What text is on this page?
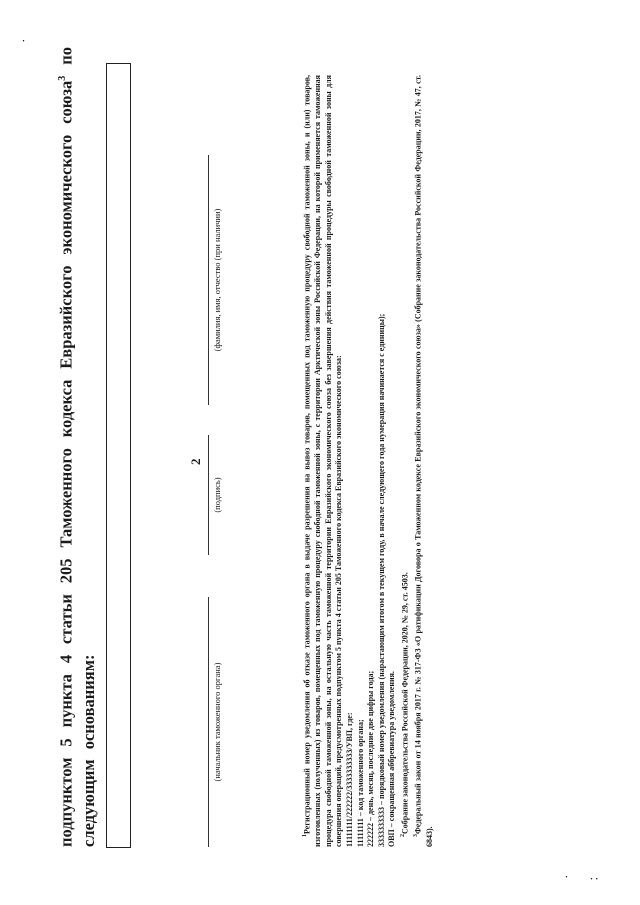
2
подпунктом 5 пункта 4 статьи 205 Таможенного кодекса Евразийского экономического союза$^3$ по следующим основаниям:	(начальник таможенного органа)
(подпись)
(фамилия, имя, отчество (при наличии)

$^1$Регистрационный номер уведомления об отказе таможенного органа в выдаче разрешения на вывоз товаров, помещенных под таможенную процедуру свободной таможенной зоны, и (или) товаров, изготовленных (полученных) из товаров, помещенных под таможенную процедуру свободной таможенной зоны, с территории Арктической зоны Российской Федерации, на которой применяется таможенная процедура свободной таможенной зоны, на остальную часть таможенной территории Евразийского экономического союза без завершения действия таможенной процедуры свободной таможенной зоны для совершения операций, предусмотренных подпунктом 5 пункта 4 статьи 205 Таможенного кодекса Евразийского экономического союза: 11111111/222222/3333333333/УВП, где: 11111111 – код таможенного органа; 222222 – день, месяц, последние две цифры года; 3333333333 – порядковый номер уведомления (нарастающим итогом в текущем году, в начале следующего года нумерация начинается с единицы); ОВП – сокращенная аббревиатура уведомления. $^2$Собрание законодательства Российской Федерации, 2020, № 29, ст. 4503.

$^3$Федеральный закон от 14 ноября 2017 г. № 317-ФЗ «О ратификации Договора о Таможенном кодексе Евразийского экономического союза» (Собрание законодательства Российской Федерации, 2017, № 47, ст. 6843).

·
· · ·
